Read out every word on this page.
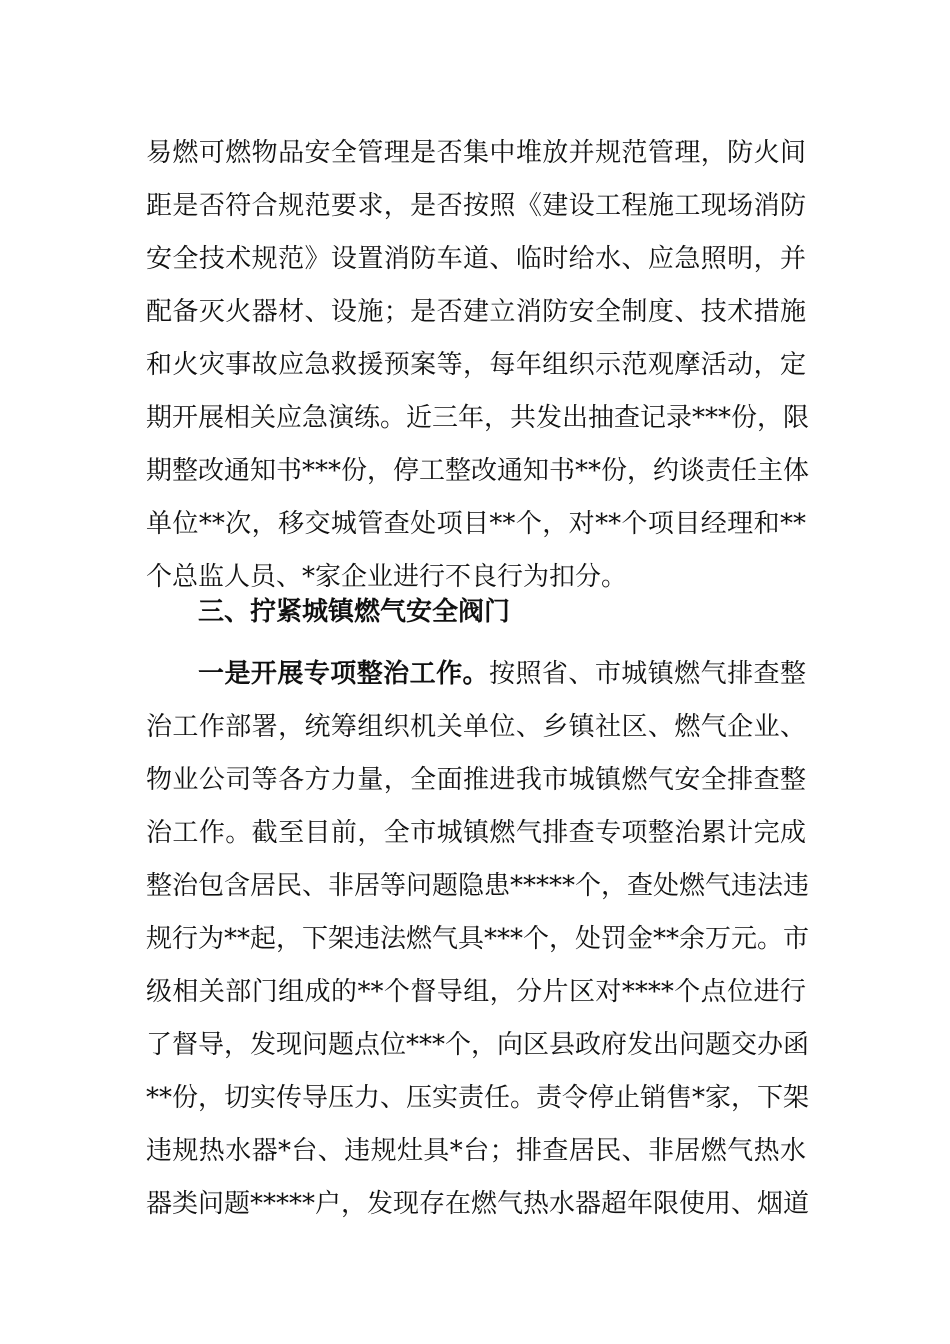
易燃可燃物品安全管理是否集中堆放并规范管理，防火间
距是否符合规范要求，是否按照《建设工程施工现场消防
安全技术规范》设置消防车道、临时给水、应急照明，并
配备灭火器材、设施；是否建立消防安全制度、技术措施
和火灾事故应急救援预案等，每年组织示范观摩活动，定
期开展相关应急演练。近三年，共发出抽查记录***份，限
期整改通知书***份，停工整改通知书**份，约谈责任主体
单位**次，移交城管查处项目**个，对**个项目经理和**
个总监人员、*家企业进行不良行为扣分。
三、拧紧城镇燃气安全阀门
一是开展专项整治工作。按照省、市城镇燃气排查整
治工作部署，统筹组织机关单位、乡镇社区、燃气企业、
物业公司等各方力量，全面推进我市城镇燃气安全排查整
治工作。截至目前，全市城镇燃气排查专项整治累计完成
整治包含居民、非居等问题隐患*****个，查处燃气违法违
规行为**起，下架违法燃气具***个，处罚金**余万元。市
级相关部门组成的**个督导组，分片区对****个点位进行
了督导，发现问题点位***个，向区县政府发出问题交办函
**份，切实传导压力、压实责任。责令停止销售*家，下架
违规热水器*台、违规灶具*台；排查居民、非居燃气热水
器类问题*****户，发现存在燃气热水器超年限使用、烟道
